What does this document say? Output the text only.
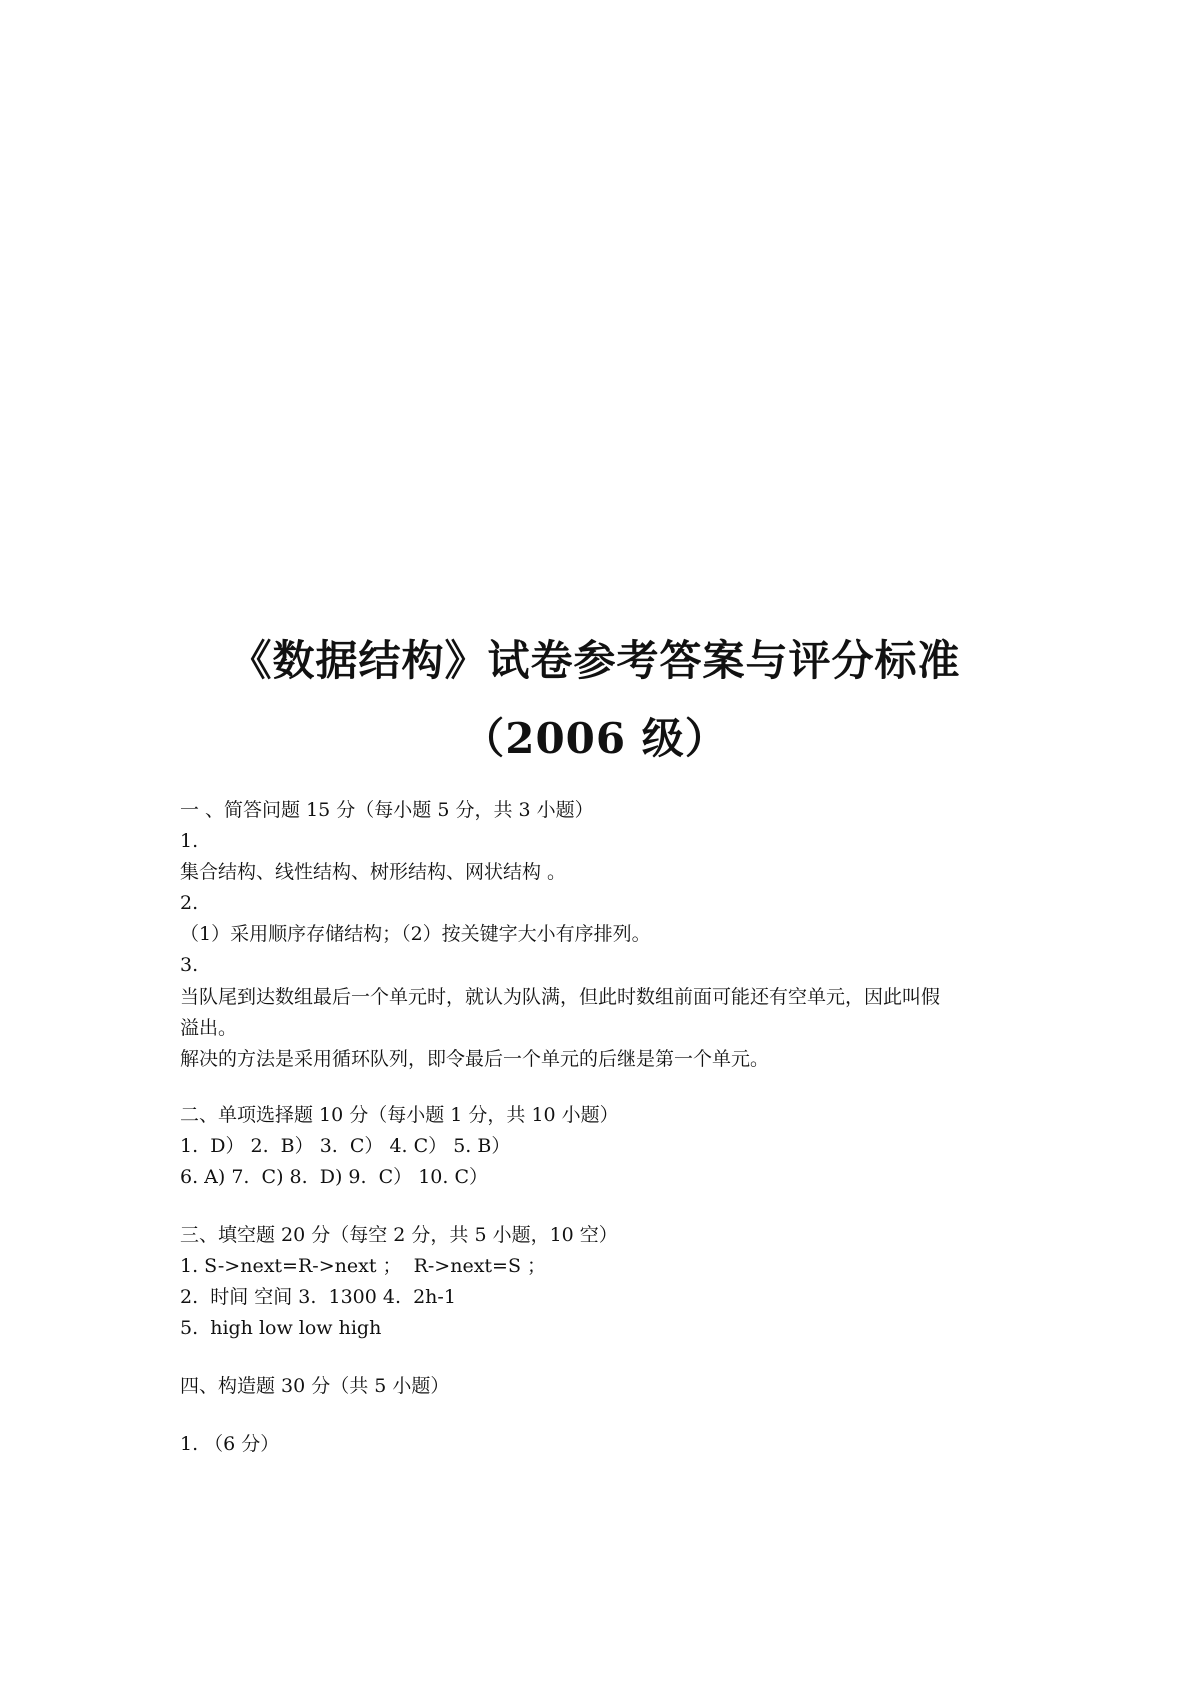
《数据结构》试卷参考答案与评分标准
（2006 级）
一 、简答问题 15 分（每小题 5 分，共 3 小题）
1.
集合结构、线性结构、树形结构、网状结构 。
2.
（1）采用顺序存储结构；（2）按关键字大小有序排列。
3.
当队尾到达数组最后一个单元时，就认为队满，但此时数组前面可能还有空单元，因此叫假
溢出。
解决的方法是采用循环队列，即令最后一个单元的后继是第一个单元。
二、单项选择题 10 分（每小题 1 分，共 10 小题）
1.  D） 2.  B） 3.  C） 4. C） 5. B）
6. A) 7.  C) 8.  D) 9.  C） 10. C）
三、填空题 20 分（每空 2 分，共 5 小题，10 空）
1. S->next=R->next ；  R->next=S ；
2.  时间 空间 3.  1300 4.  2h-1
5.  high low low high
四、构造题 30 分（共 5 小题）
1. （6 分）
